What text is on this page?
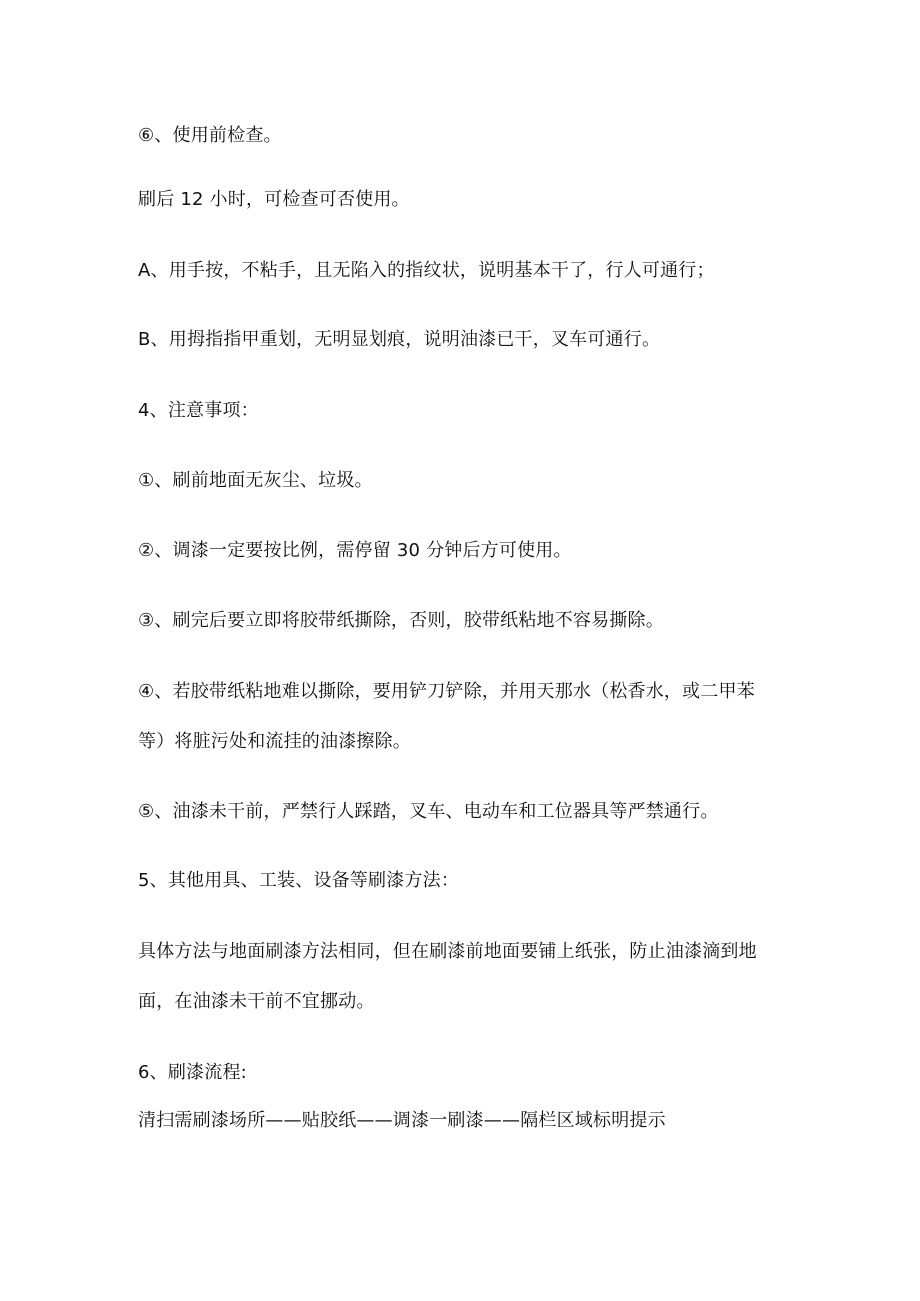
⑥、使用前检查。
刷后 12 小时，可检查可否使用。
A、用手按，不粘手，且无陷入的指纹状，说明基本干了，行人可通行；
B、用拇指指甲重划，无明显划痕，说明油漆已干，叉车可通行。
4、注意事项：
①、刷前地面无灰尘、垃圾。
②、调漆一定要按比例，需停留 30 分钟后方可使用。
③、刷完后要立即将胶带纸撕除，否则，胶带纸粘地不容易撕除。
④、若胶带纸粘地难以撕除，要用铲刀铲除，并用天那水（松香水，或二甲苯
等）将脏污处和流挂的油漆擦除。
⑤、油漆未干前，严禁行人踩踏，叉车、电动车和工位器具等严禁通行。
5、其他用具、工装、设备等刷漆方法：
具体方法与地面刷漆方法相同，但在刷漆前地面要铺上纸张，防止油漆滴到地
面，在油漆未干前不宜挪动。
6、刷漆流程:
清扫需刷漆场所——贴胶纸——调漆一刷漆——隔栏区域标明提示
